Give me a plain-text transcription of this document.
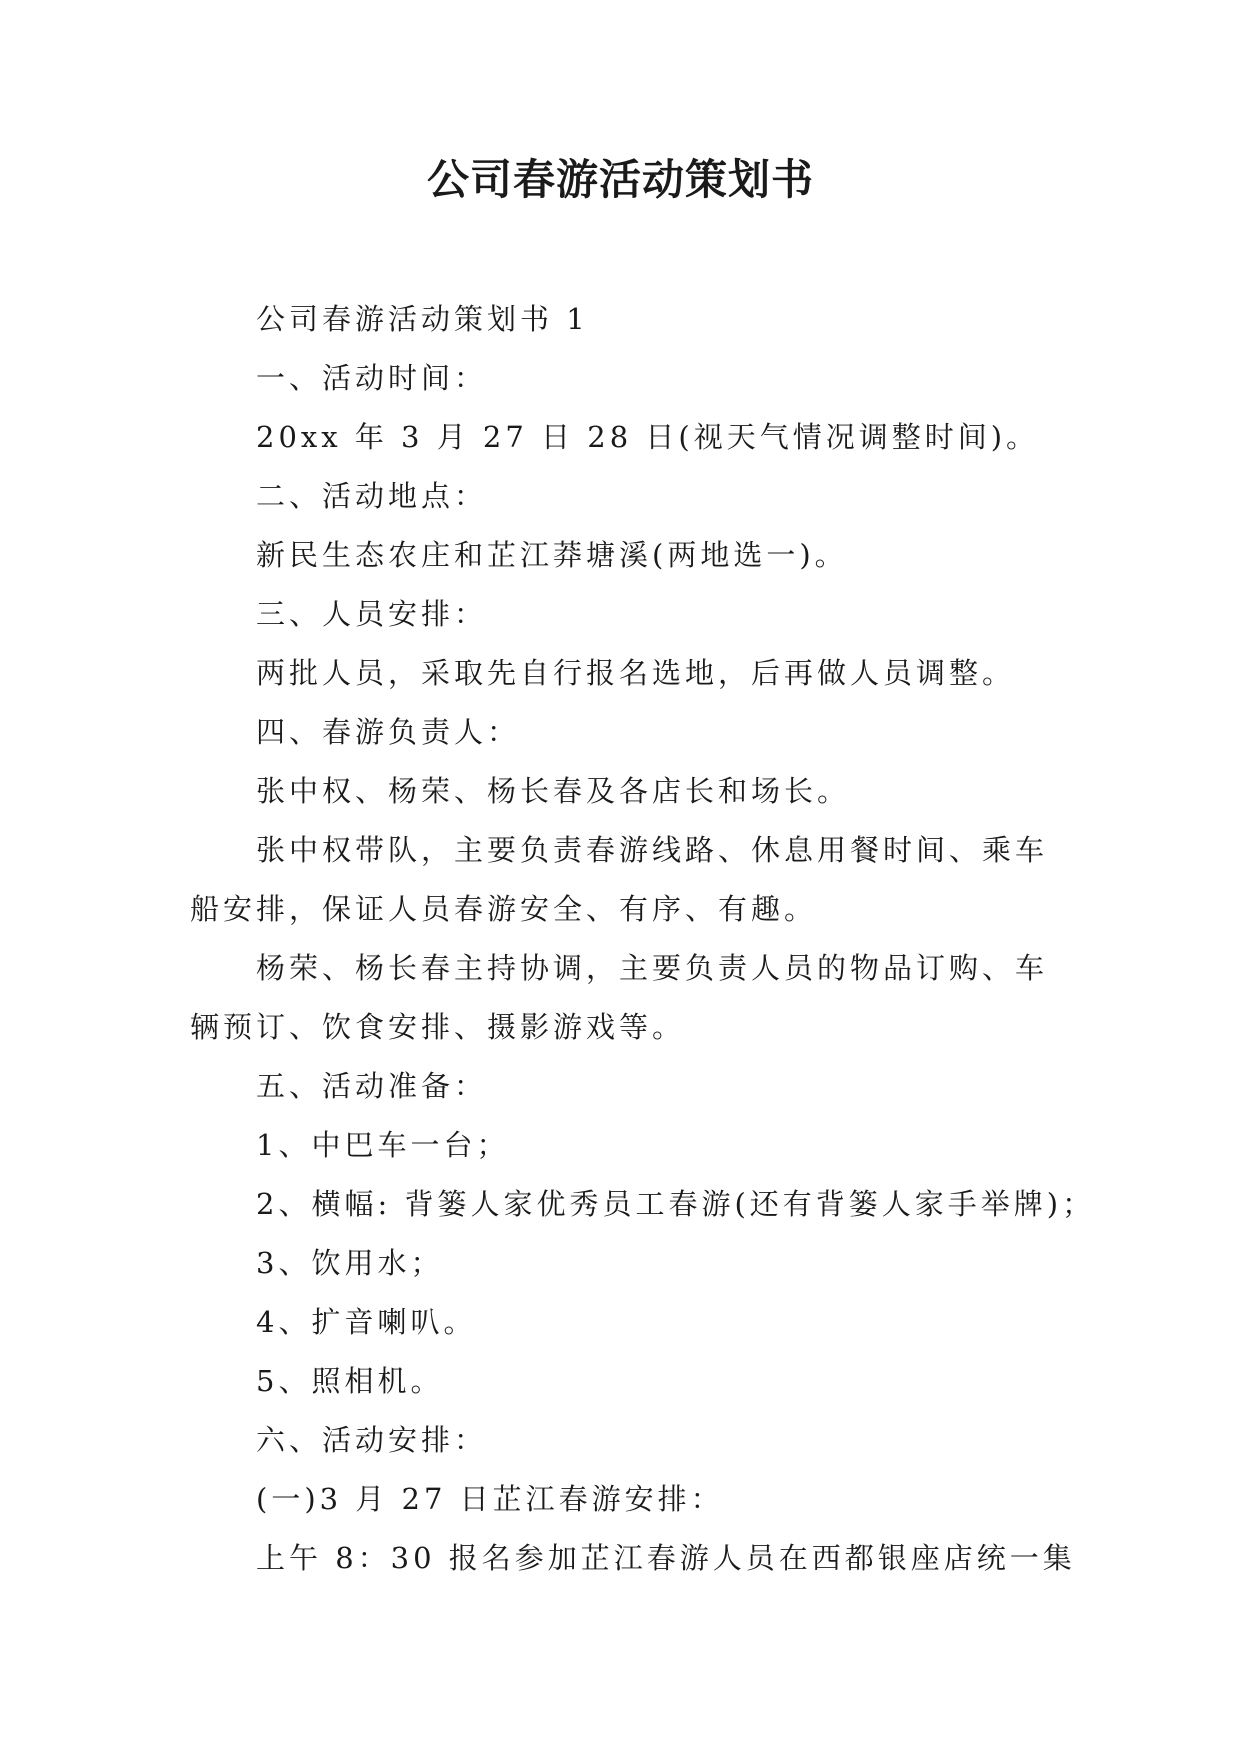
公司春游活动策划书

公司春游活动策划书 1

一、活动时间：

20xx 年 3 月 27 日 28 日(视天气情况调整时间)。

二、活动地点：

新民生态农庄和芷江莽塘溪(两地选一)。

三、人员安排：

两批人员，采取先自行报名选地，后再做人员调整。

四、春游负责人：

张中权、杨荣、杨长春及各店长和场长。

张中权带队，主要负责春游线路、休息用餐时间、乘车船安排，保证人员春游安全、有序、有趣。

杨荣、杨长春主持协调，主要负责人员的物品订购、车辆预订、饮食安排、摄影游戏等。

五、活动准备：

1、中巴车一台；

2、横幅: 背篓人家优秀员工春游(还有背篓人家手举牌)；

3、饮用水；

4、扩音喇叭。

5、照相机。

六、活动安排：

(一)3 月 27 日芷江春游安排：

上午 8：30 报名参加芷江春游人员在西都银座店统一集
